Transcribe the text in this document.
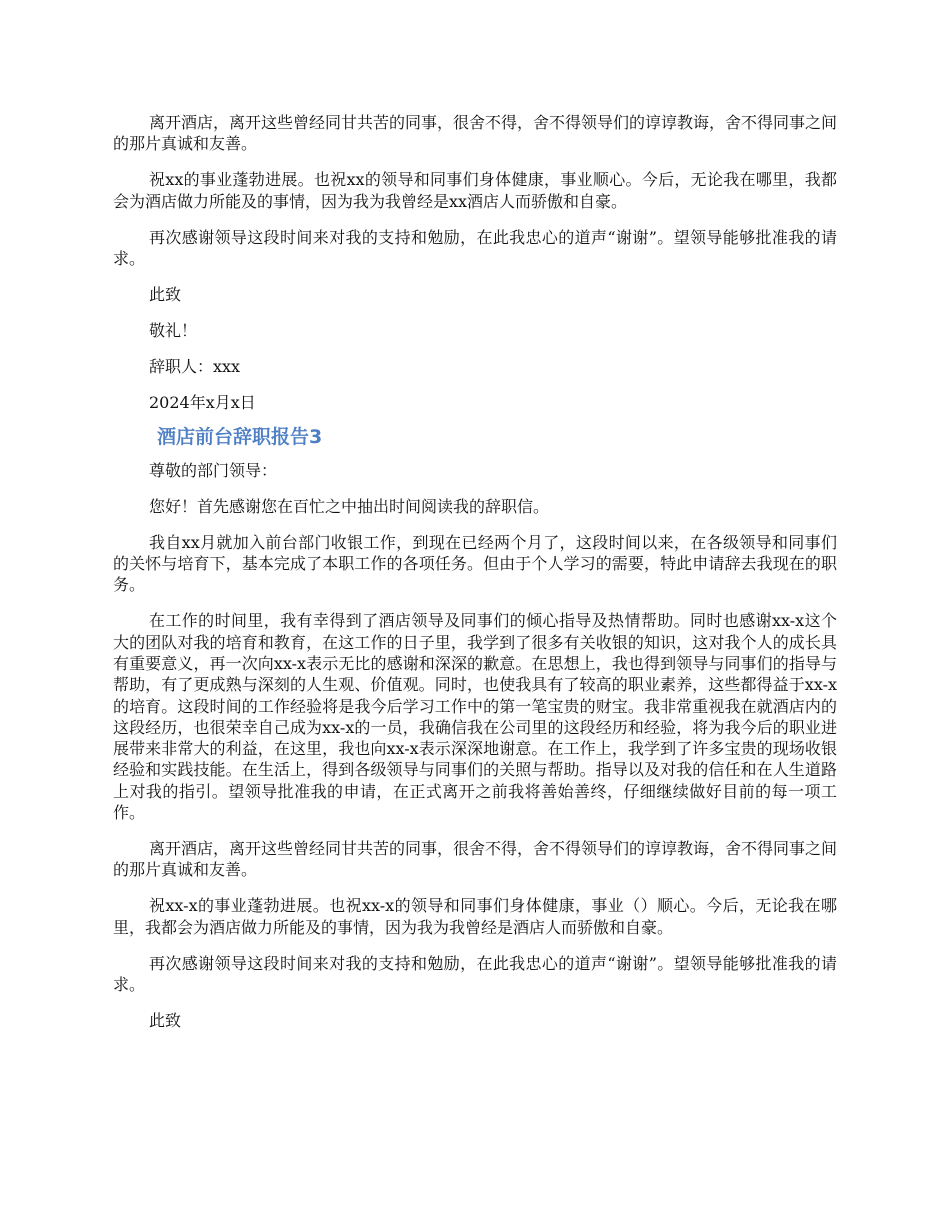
离开酒店，离开这些曾经同甘共苦的同事，很舍不得，舍不得领导们的谆谆教诲，舍不得同事之间的那片真诚和友善。

祝xx的事业蓬勃进展。也祝xx的领导和同事们身体健康，事业顺心。今后，无论我在哪里，我都会为酒店做力所能及的事情，因为我为我曾经是xx酒店人而骄傲和自豪。

再次感谢领导这段时间来对我的支持和勉励，在此我忠心的道声“谢谢”。望领导能够批准我的请求。

此致

敬礼！

辞职人：xxx

2024年x月x日

酒店前台辞职报告3

尊敬的部门领导：

您好！首先感谢您在百忙之中抽出时间阅读我的辞职信。

我自xx月就加入前台部门收银工作，到现在已经两个月了，这段时间以来，在各级领导和同事们的关怀与培育下，基本完成了本职工作的各项任务。但由于个人学习的需要，特此申请辞去我现在的职务。

在工作的时间里，我有幸得到了酒店领导及同事们的倾心指导及热情帮助。同时也感谢xx-x这个大的团队对我的培育和教育，在这工作的日子里，我学到了很多有关收银的知识，这对我个人的成长具有重要意义，再一次向xx-x表示无比的感谢和深深的歉意。在思想上，我也得到领导与同事们的指导与帮助，有了更成熟与深刻的人生观、价值观。同时，也使我具有了较高的职业素养，这些都得益于xx-x的培育。这段时间的工作经验将是我今后学习工作中的第一笔宝贵的财宝。我非常重视我在就酒店内的这段经历，也很荣幸自己成为xx-x的一员，我确信我在公司里的这段经历和经验，将为我今后的职业进展带来非常大的利益，在这里，我也向xx-x表示深深地谢意。在工作上，我学到了许多宝贵的现场收银经验和实践技能。在生活上，得到各级领导与同事们的关照与帮助。指导以及对我的信任和在人生道路上对我的指引。望领导批准我的申请，在正式离开之前我将善始善终，仔细继续做好目前的每一项工作。

离开酒店，离开这些曾经同甘共苦的同事，很舍不得，舍不得领导们的谆谆教诲，舍不得同事之间的那片真诚和友善。

祝xx-x的事业蓬勃进展。也祝xx-x的领导和同事们身体健康，事业（）顺心。今后，无论我在哪里，我都会为酒店做力所能及的事情，因为我为我曾经是酒店人而骄傲和自豪。

再次感谢领导这段时间来对我的支持和勉励，在此我忠心的道声“谢谢”。望领导能够批准我的请求。

此致
